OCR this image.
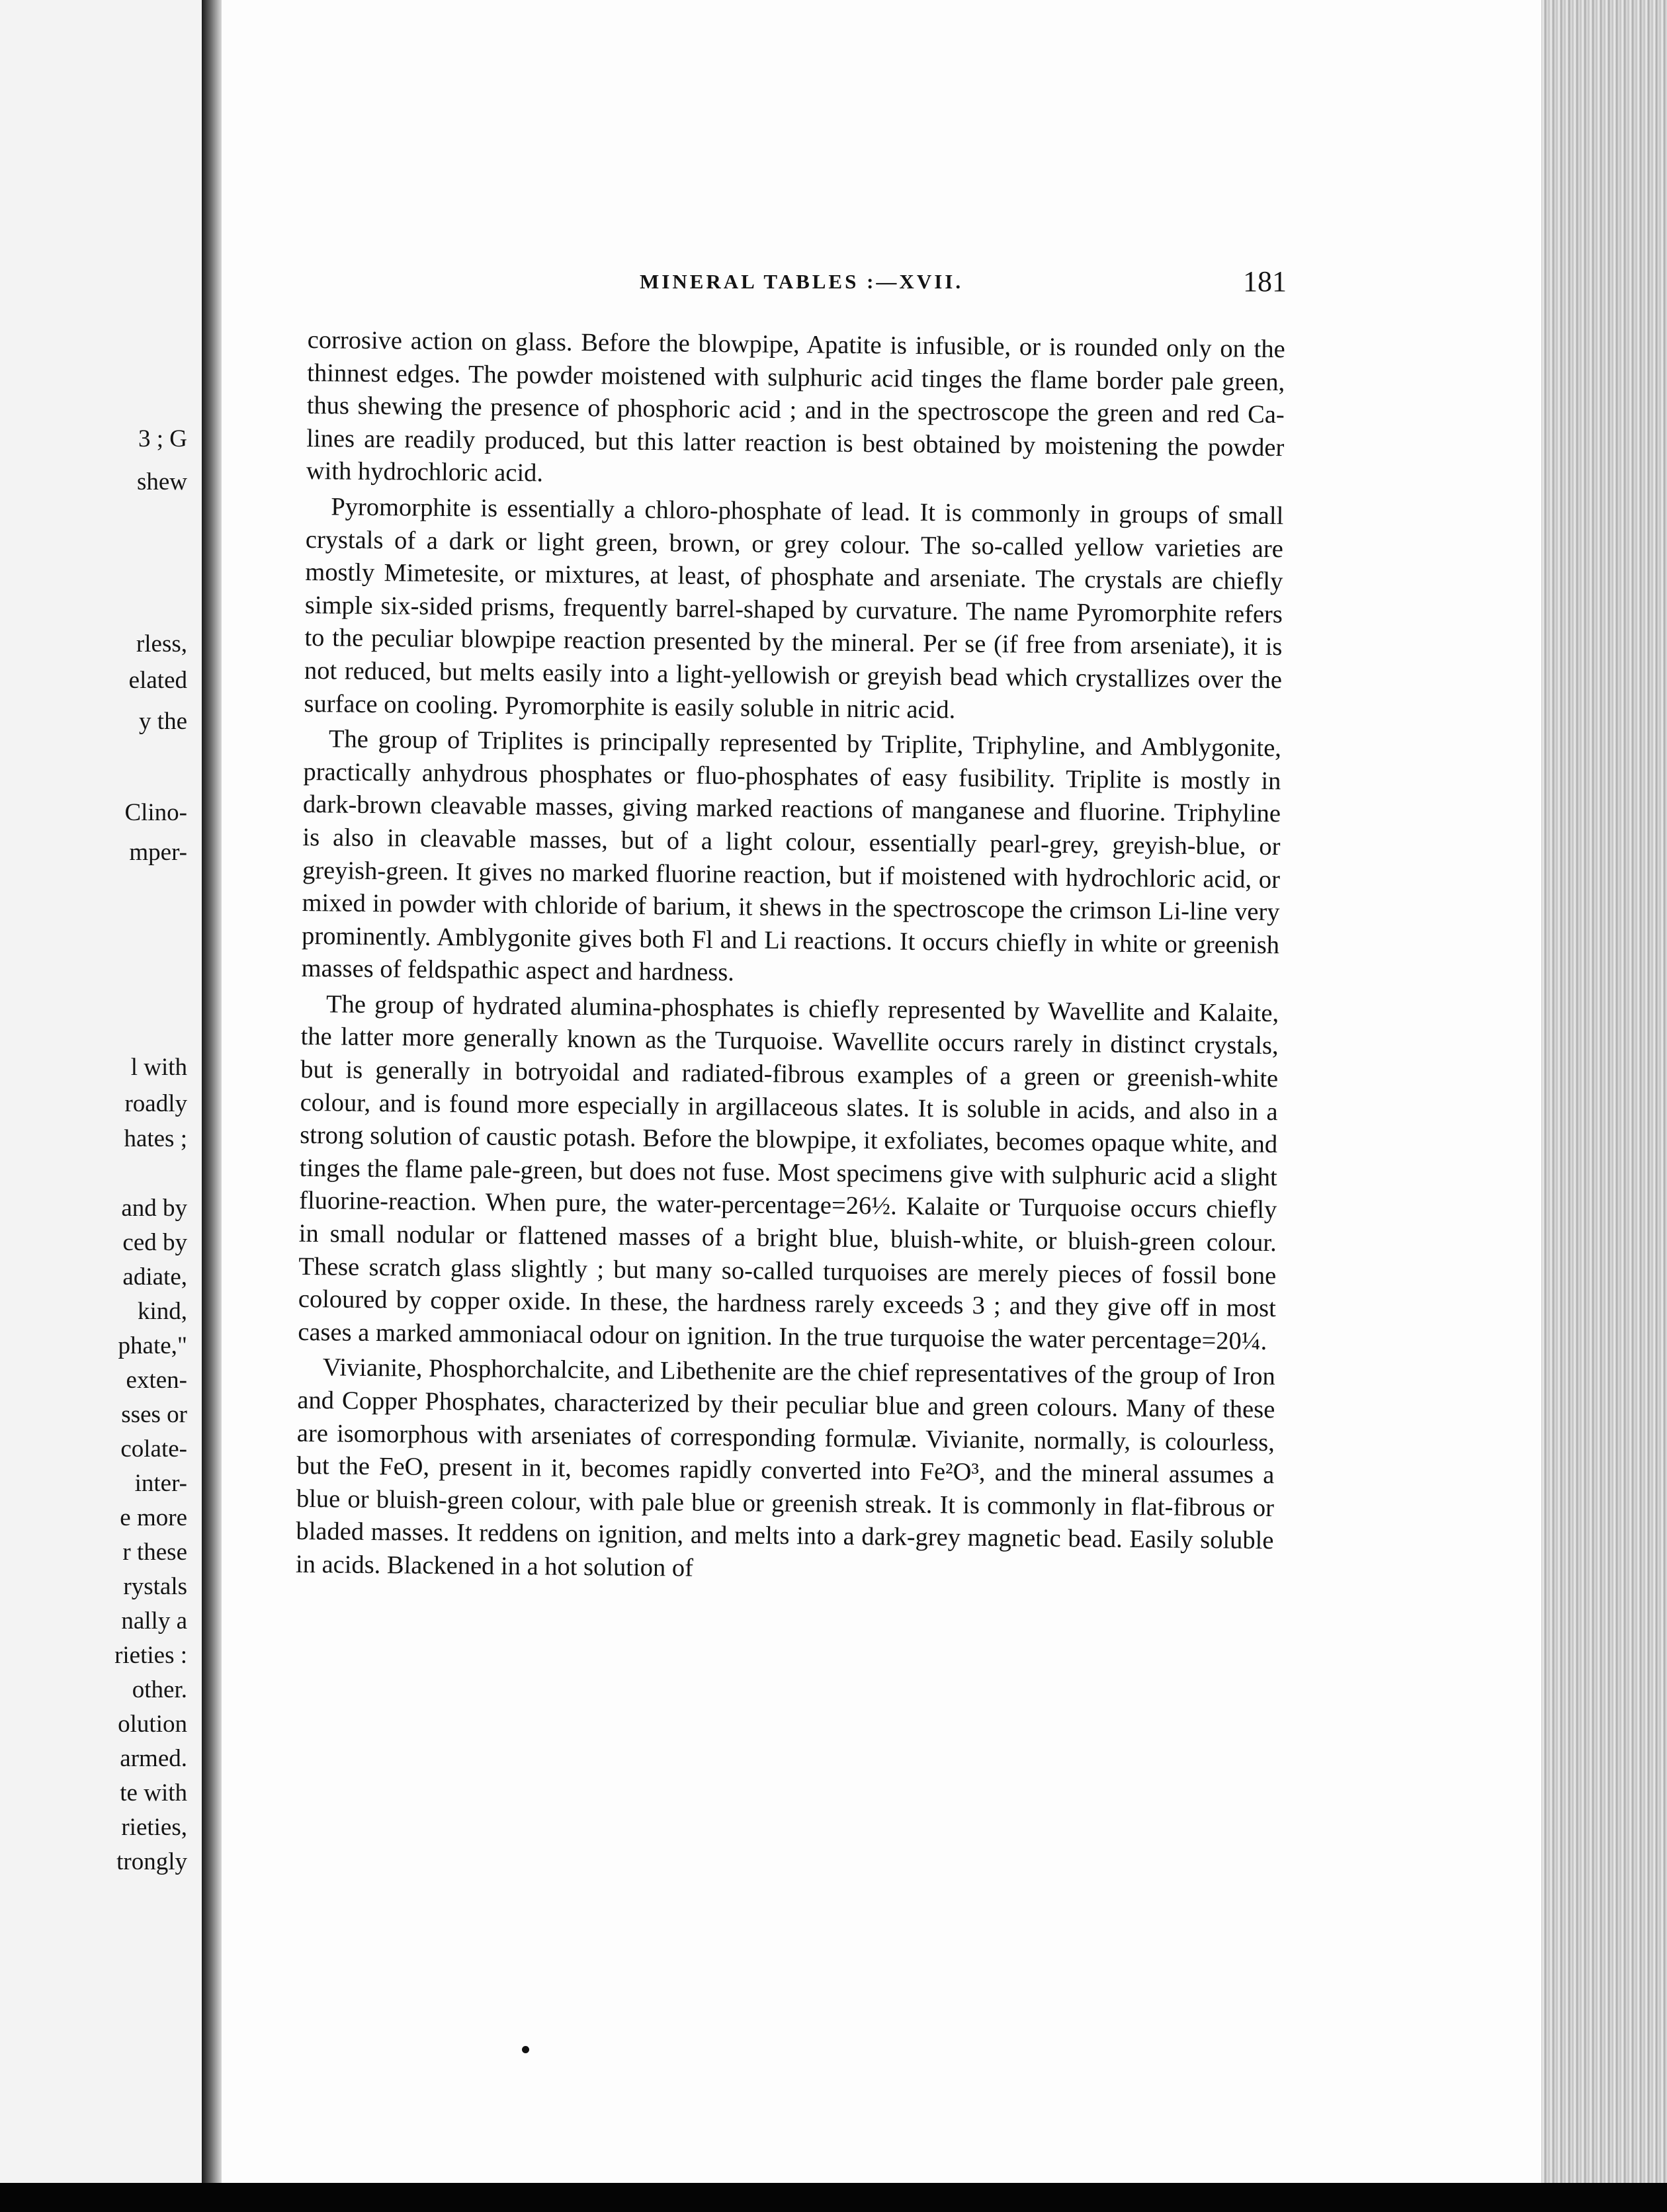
3 ; G
shew
rless,
elated
y the
Clino-
mper-
l with
roadly
hates ;
and by
ced by
adiate,
kind,
phate,"
exten-
sses or
colate-
inter-
e more
r these
rystals
nally a
rieties :
other.
olution
armed.
te with
rieties,
trongly
MINERAL TABLES :—XVII.	181

corrosive action on glass. Before the blowpipe, Apatite is infusible, or is rounded only on the thinnest edges. The powder moistened with sulphuric acid tinges the flame border pale green, thus shewing the presence of phosphoric acid ; and in the spectroscope the green and red Ca-lines are readily produced, but this latter reaction is best obtained by moistening the powder with hydrochloric acid.

Pyromorphite is essentially a chloro-phosphate of lead. It is commonly in groups of small crystals of a dark or light green, brown, or grey colour. The so-called yellow varieties are mostly Mimetesite, or mixtures, at least, of phosphate and arseniate. The crystals are chiefly simple six-sided prisms, frequently barrel-shaped by curvature. The name Pyromorphite refers to the peculiar blowpipe reaction presented by the mineral. Per se (if free from arseniate), it is not reduced, but melts easily into a light-yellowish or greyish bead which crystallizes over the surface on cooling. Pyromorphite is easily soluble in nitric acid.

The group of Triplites is principally represented by Triplite, Triphyline, and Amblygonite, practically anhydrous phosphates or fluo-phosphates of easy fusibility. Triplite is mostly in dark-brown cleavable masses, giving marked reactions of manganese and fluorine. Triphyline is also in cleavable masses, but of a light colour, essentially pearl-grey, greyish-blue, or greyish-green. It gives no marked fluorine reaction, but if moistened with hydrochloric acid, or mixed in powder with chloride of barium, it shews in the spectroscope the crimson Li-line very prominently. Amblygonite gives both Fl and Li reactions. It occurs chiefly in white or greenish masses of feldspathic aspect and hardness.

The group of hydrated alumina-phosphates is chiefly represented by Wavellite and Kalaite, the latter more generally known as the Turquoise. Wavellite occurs rarely in distinct crystals, but is generally in botryoidal and radiated-fibrous examples of a green or greenish-white colour, and is found more especially in argillaceous slates. It is soluble in acids, and also in a strong solution of caustic potash. Before the blowpipe, it exfoliates, becomes opaque white, and tinges the flame pale-green, but does not fuse. Most specimens give with sulphuric acid a slight fluorine-reaction. When pure, the water-percentage=26½. Kalaite or Turquoise occurs chiefly in small nodular or flattened masses of a bright blue, bluish-white, or bluish-green colour. These scratch glass slightly ; but many so-called turquoises are merely pieces of fossil bone coloured by copper oxide. In these, the hardness rarely exceeds 3 ; and they give off in most cases a marked ammoniacal odour on ignition. In the true turquoise the water percentage=20¼.

Vivianite, Phosphorchalcite, and Libethenite are the chief representatives of the group of Iron and Copper Phosphates, characterized by their peculiar blue and green colours. Many of these are isomorphous with arseniates of corresponding formulæ. Vivianite, normally, is colourless, but the FeO, present in it, becomes rapidly converted into Fe²O³, and the mineral assumes a blue or bluish-green colour, with pale blue or greenish streak. It is commonly in flat-fibrous or bladed masses. It reddens on ignition, and melts into a dark-grey magnetic bead. Easily soluble in acids. Blackened in a hot solution of
